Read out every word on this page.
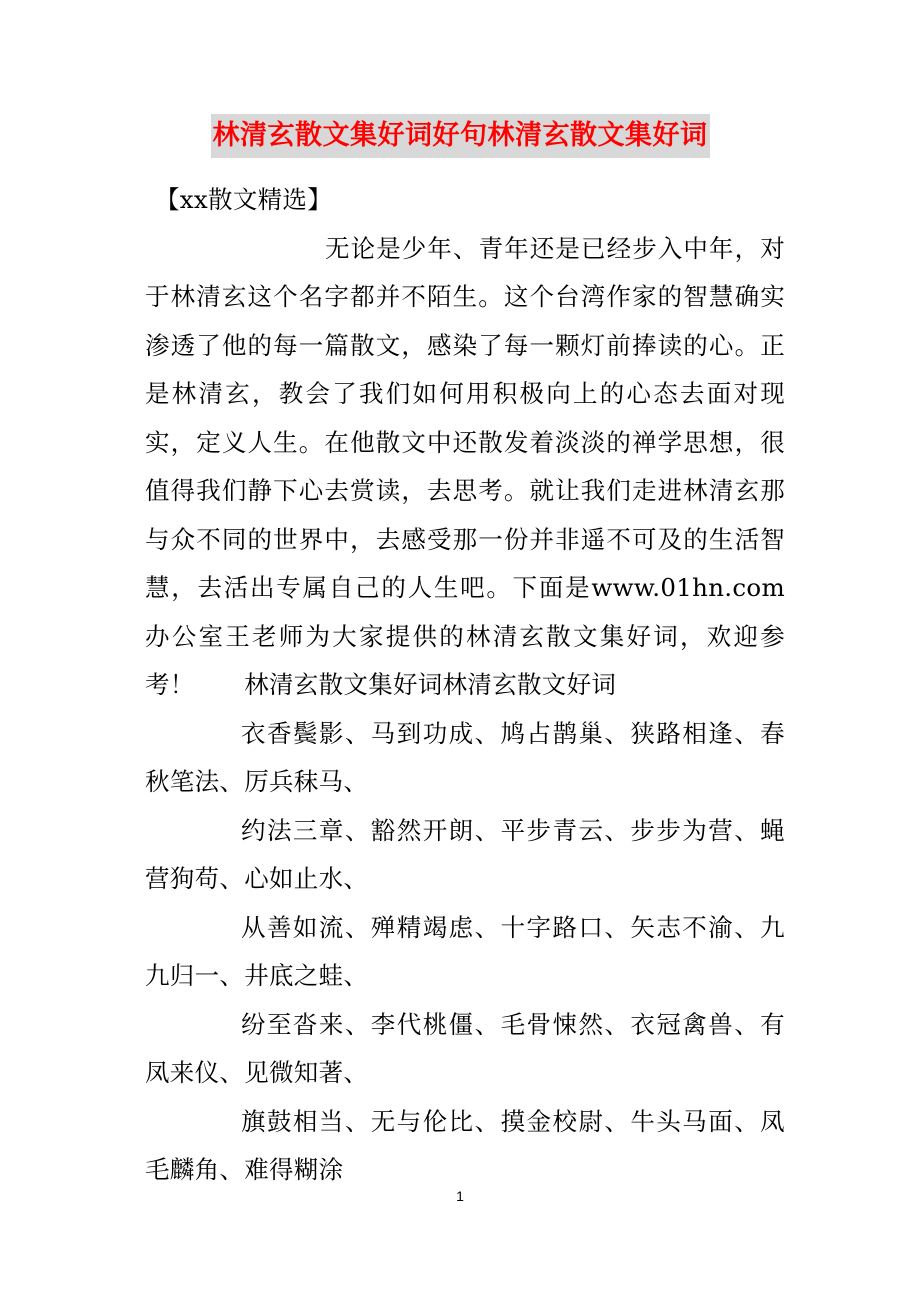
林清玄散文集好词好句林清玄散文集好词

【xx散文精选】

无论是少年、青年还是已经步入中年，对于林清玄这个名字都并不陌生。这个台湾作家的智慧确实渗透了他的每一篇散文，感染了每一颗灯前捧读的心。正是林清玄，教会了我们如何用积极向上的心态去面对现实，定义人生。在他散文中还散发着淡淡的禅学思想，很值得我们静下心去赏读，去思考。就让我们走进林清玄那与众不同的世界中，去感受那一份并非遥不可及的生活智慧，去活出专属自己的人生吧。下面是www.01hn.com办公室王老师为大家提供的林清玄散文集好词，欢迎参考！　　林清玄散文集好词林清玄散文好词

衣香鬓影、马到功成、鸠占鹊巢、狭路相逢、春秋笔法、厉兵秣马、

约法三章、豁然开朗、平步青云、步步为营、蝇营狗苟、心如止水、

从善如流、殚精竭虑、十字路口、矢志不渝、九九归一、井底之蛙、

纷至沓来、李代桃僵、毛骨悚然、衣冠禽兽、有凤来仪、见微知著、

旗鼓相当、无与伦比、摸金校尉、牛头马面、凤毛麟角、难得糊涂

1
